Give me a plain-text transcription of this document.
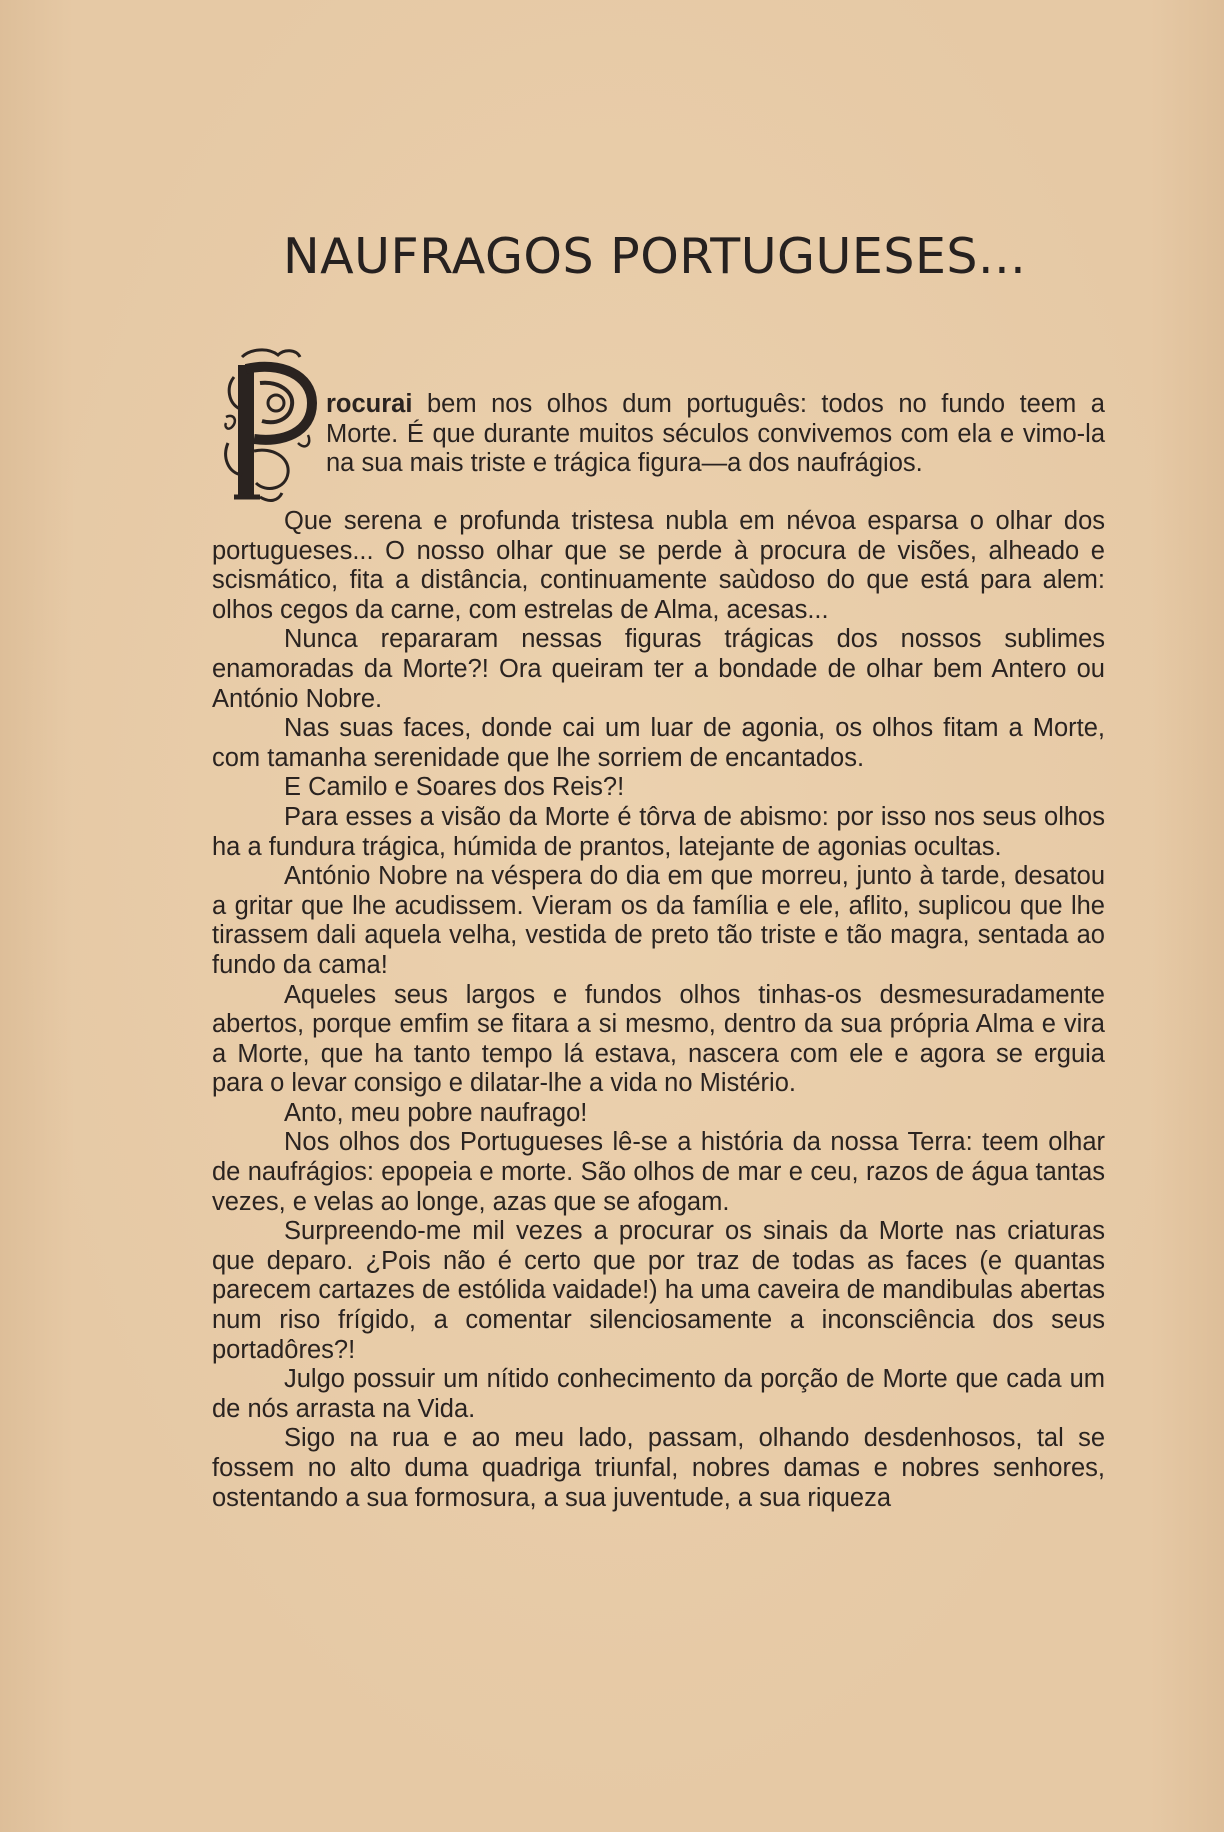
NAUFRAGOS PORTUGUESES...
P

rocurai bem nos olhos dum português: todos no fundo teem a Morte. É que durante muitos séculos convivemos com ela e vimo-la na sua mais triste e trágica figura—a dos naufrágios.

Que serena e profunda tristesa nubla em névoa esparsa o olhar dos portugueses... O nosso olhar que se perde à procura de visões, alheado e scismático, fita a distância, continuamente saùdoso do que está para alem: olhos cegos da carne, com estrelas de Alma, acesas...

Nunca repararam nessas figuras trágicas dos nossos sublimes enamoradas da Morte?! Ora queiram ter a bondade de olhar bem Antero ou António Nobre.

Nas suas faces, donde cai um luar de agonia, os olhos fitam a Morte, com tamanha serenidade que lhe sorriem de encantados.

E Camilo e Soares dos Reis?!

Para esses a visão da Morte é tôrva de abismo: por isso nos seus olhos ha a fundura trágica, húmida de prantos, latejante de agonias ocultas.

António Nobre na véspera do dia em que morreu, junto à tarde, desatou a gritar que lhe acudissem. Vieram os da família e ele, aflito, suplicou que lhe tirassem dali aquela velha, vestida de preto tão triste e tão magra, sentada ao fundo da cama!

Aqueles seus largos e fundos olhos tinhas-os desmesuradamente abertos, porque emfim se fitara a si mesmo, dentro da sua própria Alma e vira a Morte, que ha tanto tempo lá estava, nascera com ele e agora se erguia para o levar consigo e dilatar-lhe a vida no Mistério.

Anto, meu pobre naufrago!

Nos olhos dos Portugueses lê-se a história da nossa Terra: teem olhar de naufrágios: epopeia e morte. São olhos de mar e ceu, razos de água tantas vezes, e velas ao longe, azas que se afogam.

Surpreendo-me mil vezes a procurar os sinais da Morte nas criaturas que deparo. ¿Pois não é certo que por traz de todas as faces (e quantas parecem cartazes de estólida vaidade!) ha uma caveira de mandibulas abertas num riso frígido, a comentar silenciosamente a inconsciência dos seus portadôres?!

Julgo possuir um nítido conhecimento da porção de Morte que cada um de nós arrasta na Vida.

Sigo na rua e ao meu lado, passam, olhando desdenhosos, tal se fossem no alto duma quadriga triunfal, nobres damas e nobres senhores, ostentando a sua formosura, a sua juventude, a sua riqueza
